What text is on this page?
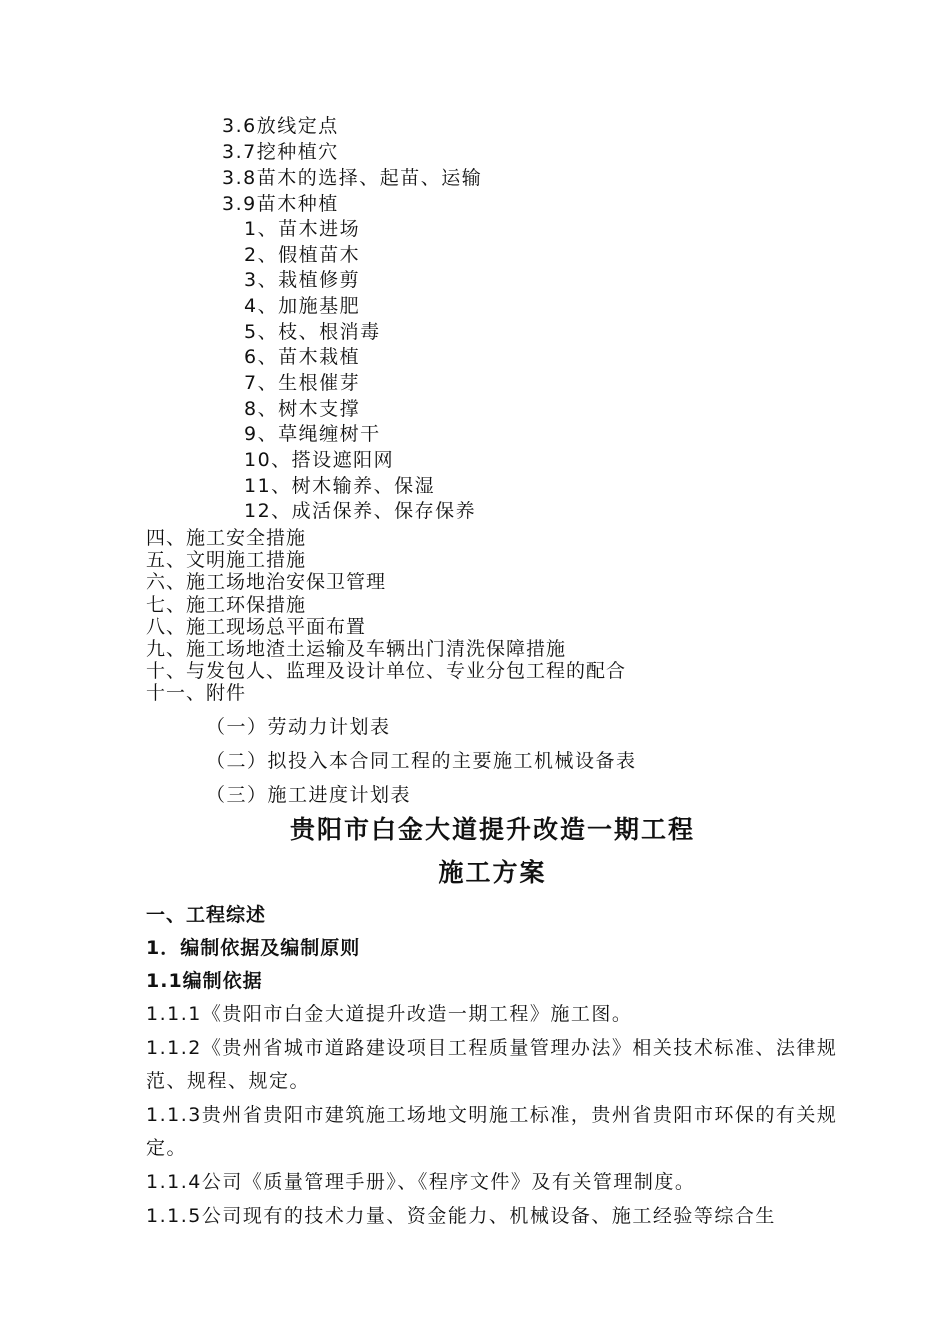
3.6放线定点
3.7挖种植穴
3.8苗木的选择、起苗、运输
3.9苗木种植
1、苗木进场
2、假植苗木
3、栽植修剪
4、加施基肥
5、枝、根消毒
6、苗木栽植
7、生根催芽
8、树木支撑
9、草绳缠树干
10、搭设遮阳网
11、树木输养、保湿
12、成活保养、保存保养
四、施工安全措施
五、文明施工措施
六、施工场地治安保卫管理
七、施工环保措施
八、施工现场总平面布置
九、施工场地渣土运输及车辆出门清洗保障措施
十、与发包人、监理及设计单位、专业分包工程的配合
十一、附件
（一）劳动力计划表
（二）拟投入本合同工程的主要施工机械设备表
（三）施工进度计划表
贵阳市白金大道提升改造一期工程
施工方案
一、工程综述
1．编制依据及编制原则
1.1编制依据
1.1.1《贵阳市白金大道提升改造一期工程》施工图。
1.1.2《贵州省城市道路建设项目工程质量管理办法》相关技术标准、法律规范、规程、规定。
1.1.3贵州省贵阳市建筑施工场地文明施工标准，贵州省贵阳市环保的有关规定。
1.1.4公司《质量管理手册》、《程序文件》及有关管理制度。
1.1.5公司现有的技术力量、资金能力、机械设备、施工经验等综合生
